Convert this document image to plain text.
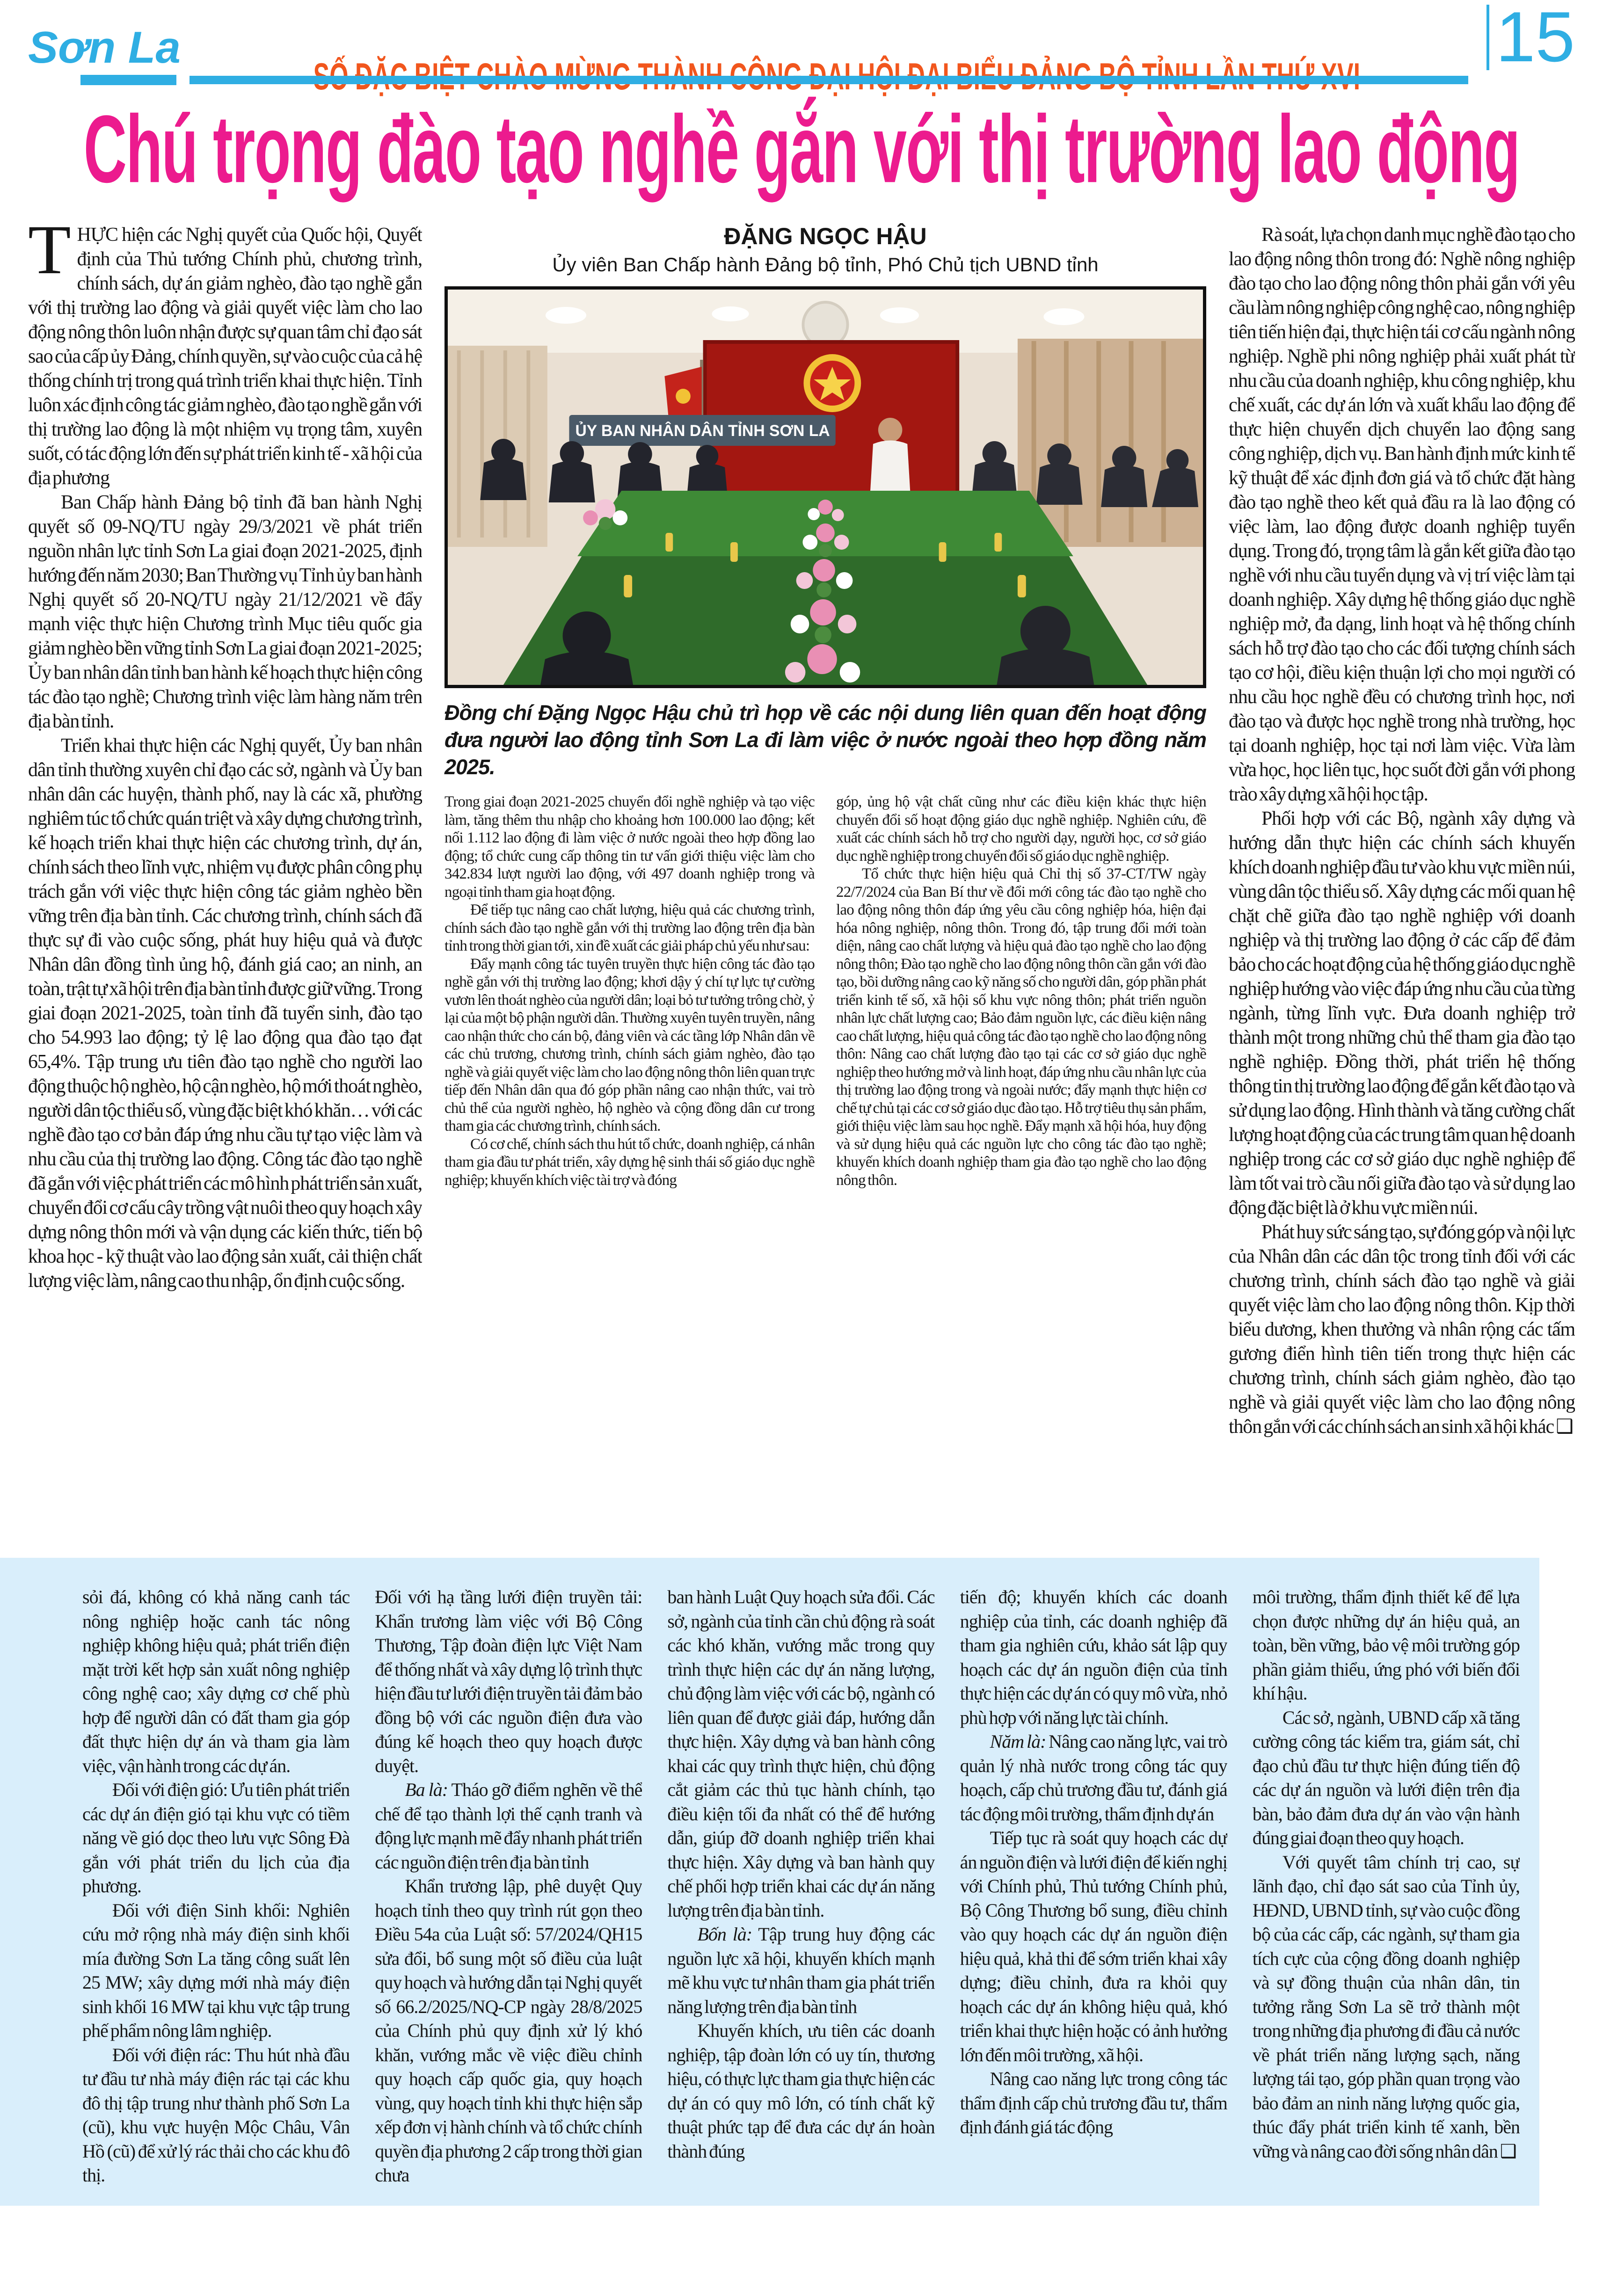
Sơn La	15
Chú trọng đào tạo nghề gắn với thị trường lao động

THỰC hiện các Nghị quyết của Quốc hội, Quyết định của Thủ tướng Chính phủ, chương trình, chính sách, dự án giảm nghèo, đào tạo nghề gắn với thị trường lao động và giải quyết việc làm cho lao động nông thôn luôn nhận được sự quan tâm chỉ đạo sát sao của cấp ủy Đảng, chính quyền, sự vào cuộc của cả hệ thống chính trị trong quá trình triển khai thực hiện. Tỉnh luôn xác định công tác giảm nghèo, đào tạo nghề gắn với thị trường lao động là một nhiệm vụ trọng tâm, xuyên suốt, có tác động lớn đến sự phát triển kinh tế - xã hội của địa phương

Ban Chấp hành Đảng bộ tỉnh đã ban hành Nghị quyết số 09-NQ/TU ngày 29/3/2021 về phát triển nguồn nhân lực tỉnh Sơn La giai đoạn 2021-2025, định hướng đến năm 2030; Ban Thường vụ Tỉnh ủy ban hành Nghị quyết số 20-NQ/TU ngày 21/12/2021 về đẩy mạnh việc thực hiện Chương trình Mục tiêu quốc gia giảm nghèo bền vững tỉnh Sơn La giai đoạn 2021-2025; Ủy ban nhân dân tỉnh ban hành kế hoạch thực hiện công tác đào tạo nghề; Chương trình việc làm hàng năm trên địa bàn tỉnh.

Triển khai thực hiện các Nghị quyết, Ủy ban nhân dân tỉnh thường xuyên chỉ đạo các sở, ngành và Ủy ban nhân dân các huyện, thành phố, nay là các xã, phường nghiêm túc tổ chức quán triệt và xây dựng chương trình, kế hoạch triển khai thực hiện các chương trình, dự án, chính sách theo lĩnh vực, nhiệm vụ được phân công phụ trách gắn với việc thực hiện công tác giảm nghèo bền vững trên địa bàn tỉnh. Các chương trình, chính sách đã thực sự đi vào cuộc sống, phát huy hiệu quả và được Nhân dân đồng tình ủng hộ, đánh giá cao; an ninh, an toàn, trật tự xã hội trên địa bàn tỉnh được giữ vững. Trong giai đoạn 2021-2025, toàn tỉnh đã tuyển sinh, đào tạo cho 54.993 lao động; tỷ lệ lao động qua đào tạo đạt 65,4%. Tập trung ưu tiên đào tạo nghề cho người lao động thuộc hộ nghèo, hộ cận nghèo, hộ mới thoát nghèo, người dân tộc thiểu số, vùng đặc biệt khó khăn… với các nghề đào tạo cơ bản đáp ứng nhu cầu tự tạo việc làm và nhu cầu của thị trường lao động. Công tác đào tạo nghề đã gắn với việc phát triển các mô hình phát triển sản xuất, chuyển đổi cơ cấu cây trồng vật nuôi theo quy hoạch xây dựng nông thôn mới và vận dụng các kiến thức, tiến bộ khoa học - kỹ thuật vào lao động sản xuất, cải thiện chất lượng việc làm, nâng cao thu nhập, ổn định cuộc sống.

ĐẶNG NGỌC HẬU
Ủy viên Ban Chấp hành Đảng bộ tỉnh, Phó Chủ tịch UBND tỉnh
ỦY BAN NHÂN DÂN TỈNH SƠN LA

Đồng chí Đặng Ngọc Hậu chủ trì họp về các nội dung liên quan đến hoạt động đưa người lao động tỉnh Sơn La đi làm việc ở nước ngoài theo hợp đồng năm 2025.

Trong giai đoạn 2021-2025 chuyển đổi nghề nghiệp và tạo việc làm, tăng thêm thu nhập cho khoảng hơn 100.000 lao động; kết nối 1.112 lao động đi làm việc ở nước ngoài theo hợp đồng lao động; tổ chức cung cấp thông tin tư vấn giới thiệu việc làm cho 342.834 lượt người lao động, với 497 doanh nghiệp trong và ngoại tỉnh tham gia hoạt động.

Để tiếp tục nâng cao chất lượng, hiệu quả các chương trình, chính sách đào tạo nghề gắn với thị trường lao động trên địa bàn tỉnh trong thời gian tới, xin đề xuất các giải pháp chủ yếu như sau:

Đẩy mạnh công tác tuyên truyền thực hiện công tác đào tạo nghề gắn với thị trường lao động; khơi dậy ý chí tự lực tự cường vươn lên thoát nghèo của người dân; loại bỏ tư tưởng trông chờ, ỷ lại của một bộ phận người dân. Thường xuyên tuyên truyền, nâng cao nhận thức cho cán bộ, đảng viên và các tầng lớp Nhân dân về các chủ trương, chương trình, chính sách giảm nghèo, đào tạo nghề và giải quyết việc làm cho lao động nông thôn liên quan trực tiếp đến Nhân dân qua đó góp phần nâng cao nhận thức, vai trò chủ thể của người nghèo, hộ nghèo và cộng đồng dân cư trong tham gia các chương trình, chính sách.

Có cơ chế, chính sách thu hút tổ chức, doanh nghiệp, cá nhân tham gia đầu tư phát triển, xây dựng hệ sinh thái số giáo dục nghề nghiệp; khuyến khích việc tài trợ và đóng

góp, ủng hộ vật chất cũng như các điều kiện khác thực hiện chuyển đổi số hoạt động giáo dục nghề nghiệp. Nghiên cứu, đề xuất các chính sách hỗ trợ cho người dạy, người học, cơ sở giáo dục nghề nghiệp trong chuyển đổi số giáo dục nghề nghiệp.

Tổ chức thực hiện hiệu quả Chỉ thị số 37-CT/TW ngày 22/7/2024 của Ban Bí thư về đổi mới công tác đào tạo nghề cho lao động nông thôn đáp ứng yêu cầu công nghiệp hóa, hiện đại hóa nông nghiệp, nông thôn. Trong đó, tập trung đổi mới toàn diện, nâng cao chất lượng và hiệu quả đào tạo nghề cho lao động nông thôn; Đào tạo nghề cho lao động nông thôn cần gắn với đào tạo, bồi dưỡng nâng cao kỹ năng số cho người dân, góp phần phát triển kinh tế số, xã hội số khu vực nông thôn; phát triển nguồn nhân lực chất lượng cao; Bảo đảm nguồn lực, các điều kiện nâng cao chất lượng, hiệu quả công tác đào tạo nghề cho lao động nông thôn: Nâng cao chất lượng đào tạo tại các cơ sở giáo dục nghề nghiệp theo hướng mở và linh hoạt, đáp ứng nhu cầu nhân lực của thị trường lao động trong và ngoài nước; đẩy mạnh thực hiện cơ chế tự chủ tại các cơ sở giáo dục đào tạo. Hỗ trợ tiêu thụ sản phẩm, giới thiệu việc làm sau học nghề. Đẩy mạnh xã hội hóa, huy động và sử dụng hiệu quả các nguồn lực cho công tác đào tạo nghề; khuyến khích doanh nghiệp tham gia đào tạo nghề cho lao động nông thôn.

Rà soát, lựa chọn danh mục nghề đào tạo cho lao động nông thôn trong đó: Nghề nông nghiệp đào tạo cho lao động nông thôn phải gắn với yêu cầu làm nông nghiệp công nghệ cao, nông nghiệp tiên tiến hiện đại, thực hiện tái cơ cấu ngành nông nghiệp. Nghề phi nông nghiệp phải xuất phát từ nhu cầu của doanh nghiệp, khu công nghiệp, khu chế xuất, các dự án lớn và xuất khẩu lao động để thực hiện chuyển dịch chuyển lao động sang công nghiệp, dịch vụ. Ban hành định mức kinh tế kỹ thuật để xác định đơn giá và tổ chức đặt hàng đào tạo nghề theo kết quả đầu ra là lao động có việc làm, lao động được doanh nghiệp tuyển dụng. Trong đó, trọng tâm là gắn kết giữa đào tạo nghề với nhu cầu tuyển dụng và vị trí việc làm tại doanh nghiệp. Xây dựng hệ thống giáo dục nghề nghiệp mở, đa dạng, linh hoạt và hệ thống chính sách hỗ trợ đào tạo cho các đối tượng chính sách tạo cơ hội, điều kiện thuận lợi cho mọi người có nhu cầu học nghề đều có chương trình học, nơi đào tạo và được học nghề trong nhà trường, học tại doanh nghiệp, học tại nơi làm việc. Vừa làm vừa học, học liên tục, học suốt đời gắn với phong trào xây dựng xã hội học tập.

Phối hợp với các Bộ, ngành xây dựng và hướng dẫn thực hiện các chính sách khuyến khích doanh nghiệp đầu tư vào khu vực miền núi, vùng dân tộc thiểu số. Xây dựng các mối quan hệ chặt chẽ giữa đào tạo nghề nghiệp với doanh nghiệp và thị trường lao động ở các cấp để đảm bảo cho các hoạt động của hệ thống giáo dục nghề nghiệp hướng vào việc đáp ứng nhu cầu của từng ngành, từng lĩnh vực. Đưa doanh nghiệp trở thành một trong những chủ thể tham gia đào tạo nghề nghiệp. Đồng thời, phát triển hệ thống thông tin thị trường lao động để gắn kết đào tạo và sử dụng lao động. Hình thành và tăng cường chất lượng hoạt động của các trung tâm quan hệ doanh nghiệp trong các cơ sở giáo dục nghề nghiệp để làm tốt vai trò cầu nối giữa đào tạo và sử dụng lao động đặc biệt là ở khu vực miền núi.

Phát huy sức sáng tạo, sự đóng góp và nội lực của Nhân dân các dân tộc trong tỉnh đối với các chương trình, chính sách đào tạo nghề và giải quyết việc làm cho lao động nông thôn. Kịp thời biểu dương, khen thưởng và nhân rộng các tấm gương điển hình tiên tiến trong thực hiện các chương trình, chính sách giảm nghèo, đào tạo nghề và giải quyết việc làm cho lao động nông thôn gắn với các chính sách an sinh xã hội khác ❑

sỏi đá, không có khả năng canh tác nông nghiệp hoặc canh tác nông nghiệp không hiệu quả; phát triển điện mặt trời kết hợp sản xuất nông nghiệp công nghệ cao; xây dựng cơ chế phù hợp để người dân có đất tham gia góp đất thực hiện dự án và tham gia làm việc, vận hành trong các dự án.

Đối với điện gió: Ưu tiên phát triển các dự án điện gió tại khu vực có tiềm năng về gió dọc theo lưu vực Sông Đà gắn với phát triển du lịch của địa phương.

Đối với điện Sinh khối: Nghiên cứu mở rộng nhà máy điện sinh khối mía đường Sơn La tăng công suất lên 25 MW; xây dựng mới nhà máy điện sinh khối 16 MW tại khu vực tập trung phế phẩm nông lâm nghiệp.

Đối với điện rác: Thu hút nhà đầu tư đầu tư nhà máy điện rác tại các khu đô thị tập trung như thành phố Sơn La (cũ), khu vực huyện Mộc Châu, Vân Hồ (cũ) để xử lý rác thải cho các khu đô thị.

Đối với hạ tầng lưới điện truyền tải: Khẩn trương làm việc với Bộ Công Thương, Tập đoàn điện lực Việt Nam để thống nhất và xây dựng lộ trình thực hiện đầu tư lưới điện truyền tải đảm bảo đồng bộ với các nguồn điện đưa vào đúng kế hoạch theo quy hoạch được duyệt.

Ba là: Tháo gỡ điểm nghẽn về thể chế để tạo thành lợi thế cạnh tranh và động lực mạnh mẽ đẩy nhanh phát triển các nguồn điện trên địa bàn tỉnh

Khẩn trương lập, phê duyệt Quy hoạch tỉnh theo quy trình rút gọn theo Điều 54a của Luật số: 57/2024/QH15 sửa đổi, bổ sung một số điều của luật quy hoạch và hướng dẫn tại Nghị quyết số 66.2/2025/NQ-CP ngày 28/8/2025 của Chính phủ quy định xử lý khó khăn, vướng mắc về việc điều chỉnh quy hoạch cấp quốc gia, quy hoạch vùng, quy hoạch tỉnh khi thực hiện sắp xếp đơn vị hành chính và tổ chức chính quyền địa phương 2 cấp trong thời gian chưa

ban hành Luật Quy hoạch sửa đổi. Các sở, ngành của tỉnh cần chủ động rà soát các khó khăn, vướng mắc trong quy trình thực hiện các dự án năng lượng, chủ động làm việc với các bộ, ngành có liên quan để được giải đáp, hướng dẫn thực hiện. Xây dựng và ban hành công khai các quy trình thực hiện, chủ động cắt giảm các thủ tục hành chính, tạo điều kiện tối đa nhất có thể để hướng dẫn, giúp đỡ doanh nghiệp triển khai thực hiện. Xây dựng và ban hành quy chế phối hợp triển khai các dự án năng lượng trên địa bàn tỉnh.

Bốn là: Tập trung huy động các nguồn lực xã hội, khuyến khích mạnh mẽ khu vực tư nhân tham gia phát triển năng lượng trên địa bàn tỉnh

Khuyến khích, ưu tiên các doanh nghiệp, tập đoàn lớn có uy tín, thương hiệu, có thực lực tham gia thực hiện các dự án có quy mô lớn, có tính chất kỹ thuật phức tạp để đưa các dự án hoàn thành đúng

tiến độ; khuyến khích các doanh nghiệp của tỉnh, các doanh nghiệp đã tham gia nghiên cứu, khảo sát lập quy hoạch các dự án nguồn điện của tỉnh thực hiện các dự án có quy mô vừa, nhỏ phù hợp với năng lực tài chính.

Năm là: Nâng cao năng lực, vai trò quản lý nhà nước trong công tác quy hoạch, cấp chủ trương đầu tư, đánh giá tác động môi trường, thẩm định dự án

Tiếp tục rà soát quy hoạch các dự án nguồn điện và lưới điện để kiến nghị với Chính phủ, Thủ tướng Chính phủ, Bộ Công Thương bổ sung, điều chỉnh vào quy hoạch các dự án nguồn điện hiệu quả, khả thi để sớm triển khai xây dựng; điều chỉnh, đưa ra khỏi quy hoạch các dự án không hiệu quả, khó triển khai thực hiện hoặc có ảnh hưởng lớn đến môi trường, xã hội.

Nâng cao năng lực trong công tác thẩm định cấp chủ trương đầu tư, thẩm định đánh giá tác động

môi trường, thẩm định thiết kế để lựa chọn được những dự án hiệu quả, an toàn, bền vững, bảo vệ môi trường góp phần giảm thiểu, ứng phó với biến đổi khí hậu.

Các sở, ngành, UBND cấp xã tăng cường công tác kiểm tra, giám sát, chỉ đạo chủ đầu tư thực hiện đúng tiến độ các dự án nguồn và lưới điện trên địa bàn, bảo đảm đưa dự án vào vận hành đúng giai đoạn theo quy hoạch.

Với quyết tâm chính trị cao, sự lãnh đạo, chỉ đạo sát sao của Tỉnh ủy, HĐND, UBND tỉnh, sự vào cuộc đồng bộ của các cấp, các ngành, sự tham gia tích cực của cộng đồng doanh nghiệp và sự đồng thuận của nhân dân, tin tưởng rằng Sơn La sẽ trở thành một trong những địa phương đi đầu cả nước về phát triển năng lượng sạch, năng lượng tái tạo, góp phần quan trọng vào bảo đảm an ninh năng lượng quốc gia, thúc đẩy phát triển kinh tế xanh, bền vững và nâng cao đời sống nhân dân ❑
